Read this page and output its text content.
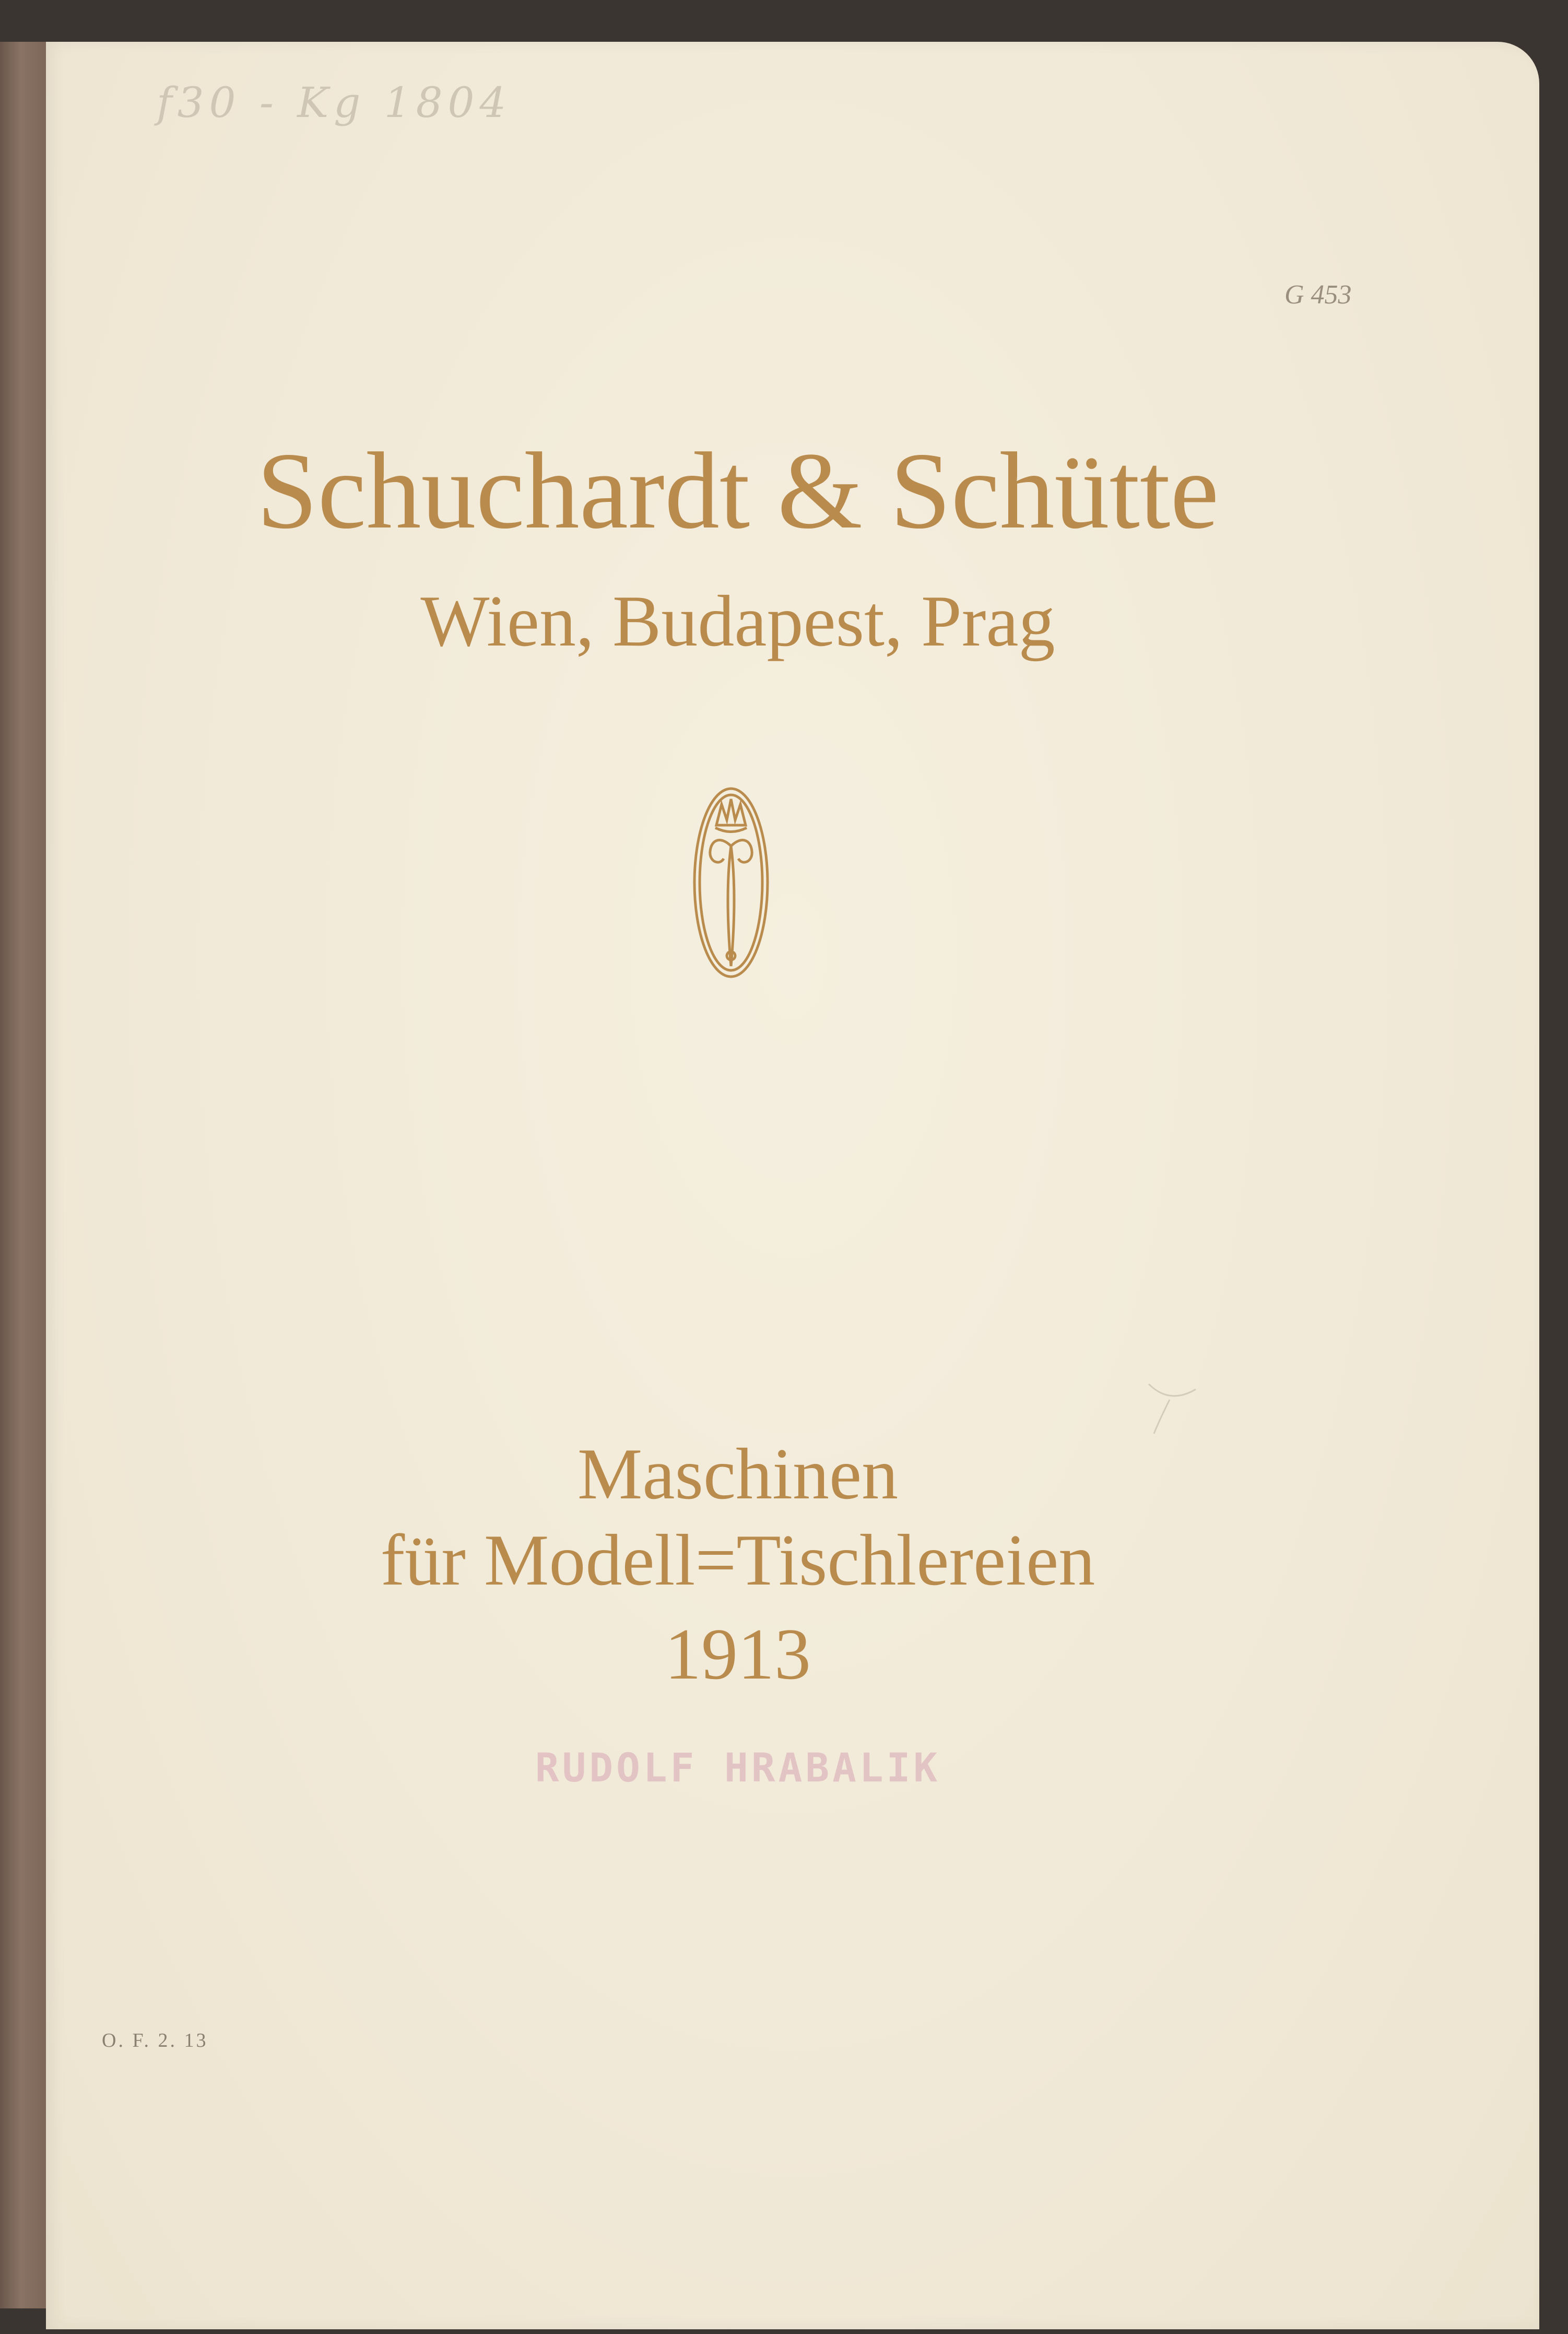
f30 - Kg 1804
G 453
Schuchardt & Schütte
Wien, Budapest, Prag
Maschinen
für Modell=Tischlereien
1913
RUDOLF HRABALIK
O. F. 2. 13
